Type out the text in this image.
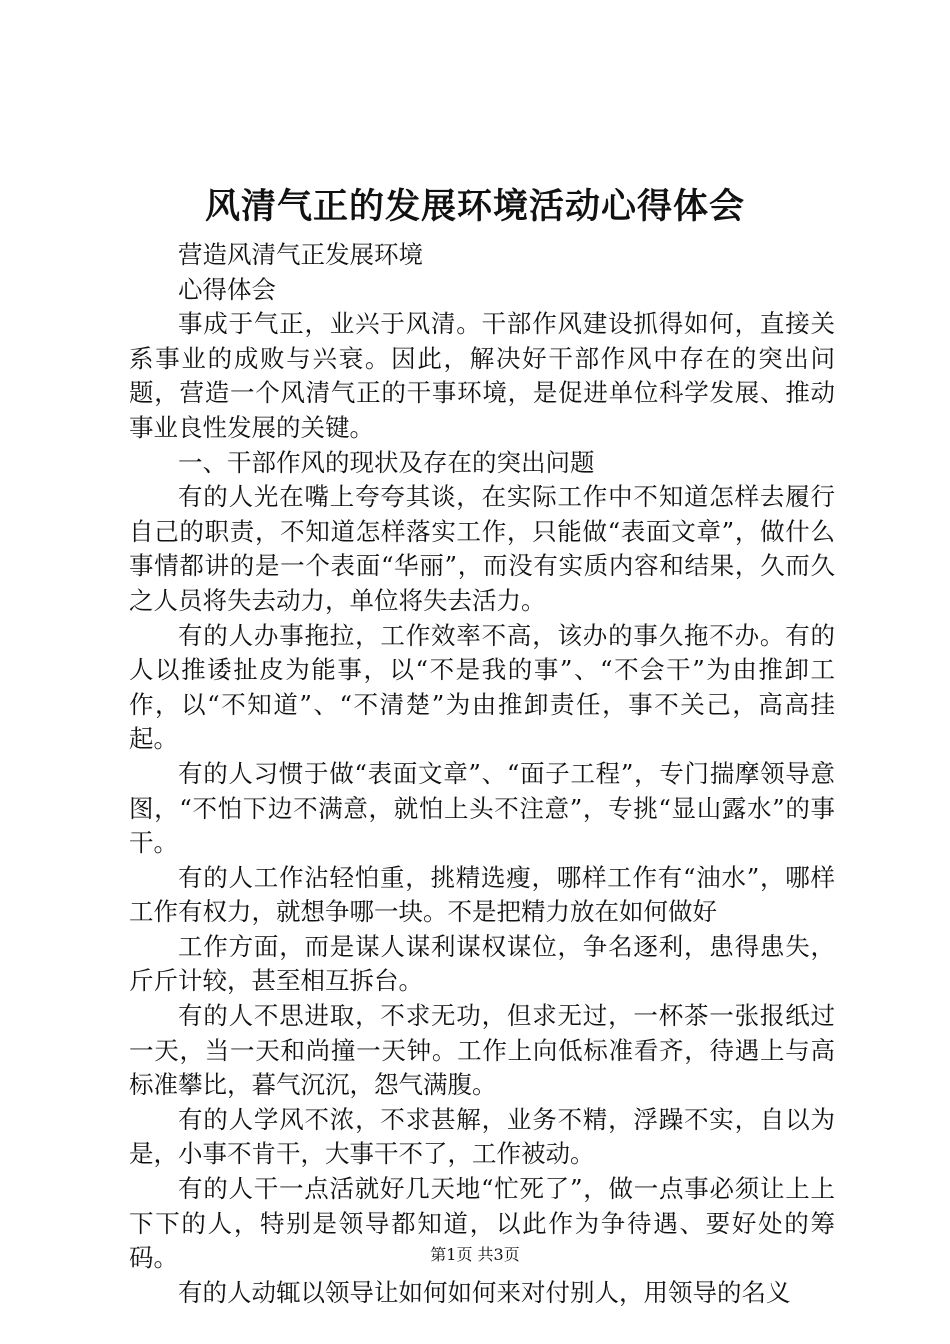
风清气正的发展环境活动心得体会

营造风清气正发展环境

心得体会

事成于气正，业兴于风清。干部作风建设抓得如何，直接关系事业的成败与兴衰。因此，解决好干部作风中存在的突出问题，营造一个风清气正的干事环境，是促进单位科学发展、推动事业良性发展的关键。

一、干部作风的现状及存在的突出问题

有的人光在嘴上夸夸其谈，在实际工作中不知道怎样去履行自己的职责，不知道怎样落实工作，只能做“表面文章”，做什么事情都讲的是一个表面“华丽”，而没有实质内容和结果，久而久之人员将失去动力，单位将失去活力。

有的人办事拖拉，工作效率不高，该办的事久拖不办。有的人以推诿扯皮为能事，以“不是我的事”、“不会干”为由推卸工作，以“不知道”、“不清楚”为由推卸责任，事不关己，高高挂起。

有的人习惯于做“表面文章”、“面子工程”，专门揣摩领导意图，“不怕下边不满意，就怕上头不注意”，专挑“显山露水”的事干。

有的人工作沾轻怕重，挑精选瘦，哪样工作有“油水”，哪样工作有权力，就想争哪一块。不是把精力放在如何做好

工作方面，而是谋人谋利谋权谋位，争名逐利，患得患失，斤斤计较，甚至相互拆台。

有的人不思进取，不求无功，但求无过，一杯茶一张报纸过一天，当一天和尚撞一天钟。工作上向低标准看齐，待遇上与高标准攀比，暮气沉沉，怨气满腹。

有的人学风不浓，不求甚解，业务不精，浮躁不实，自以为是，小事不肯干，大事干不了，工作被动。

有的人干一点活就好几天地“忙死了”，做一点事必须让上上下下的人，特别是领导都知道，以此作为争待遇、要好处的筹码。

有的人动辄以领导让如何如何来对付别人，用领导的名义

第1页 共3页
